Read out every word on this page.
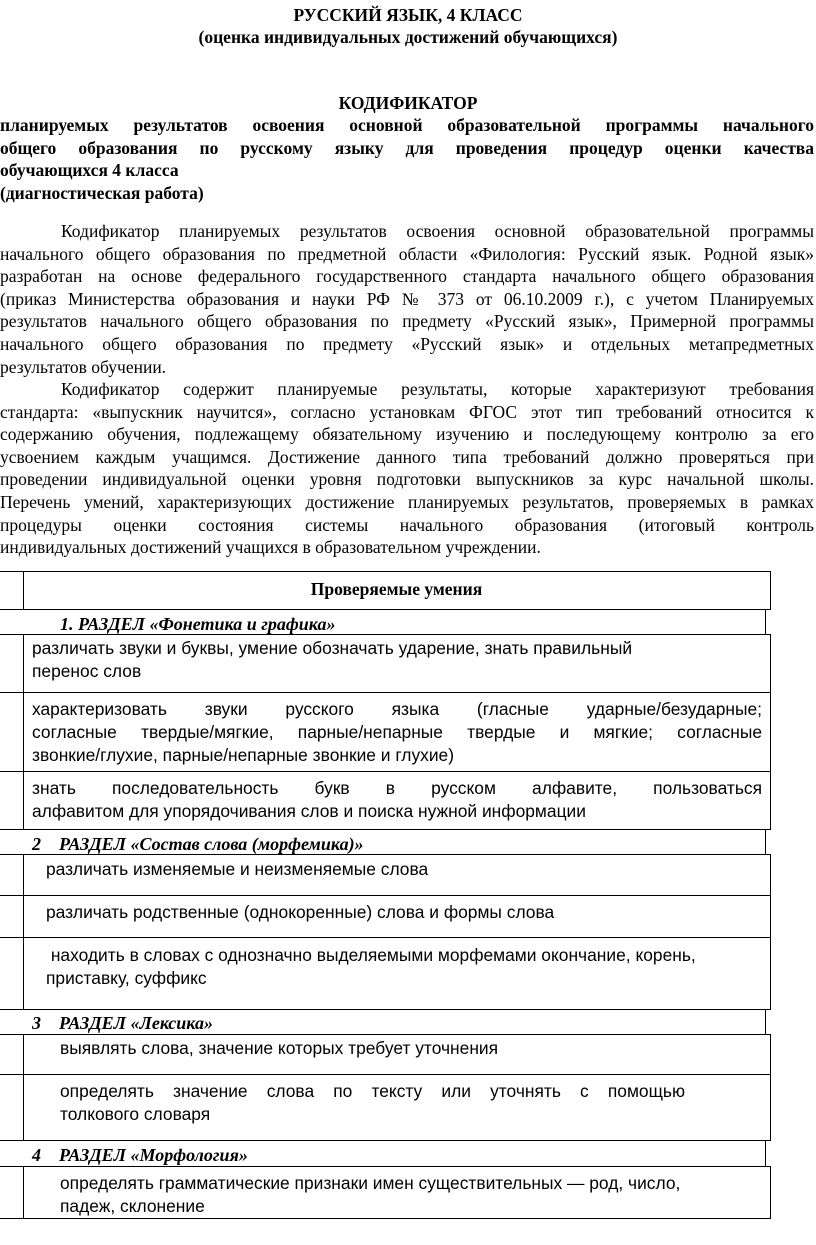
РУССКИЙ ЯЗЫК, 4 КЛАСС
(оценка индивидуальных достижений обучающихся)
КОДИФИКАТОР
планируемых результатов освоения основной образовательной программы начального
общего образования по русскому языку для проведения процедур оценки качества
обучающихся 4 класса
(диагностическая работа)
Кодификатор планируемых результатов освоения основной образовательной программы
начального общего образования по предметной области «Филология: Русский язык. Родной язык»
разработан на основе федерального государственного стандарта начального общего образования
(приказ Министерства образования и науки РФ № 373 от 06.10.2009 г.), с учетом Планируемых
результатов начального общего образования по предмету «Русский язык», Примерной программы
начального общего образования по предмету «Русский язык» и отдельных метапредметных
результатов обучении.
Кодификатор содержит планируемые результаты, которые характеризуют требования
стандарта: «выпускник научится», согласно установкам ФГОС этот тип требований относится к
содержанию обучения, подлежащему обязательному изучению и последующему контролю за его
усвоением каждым учащимся. Достижение данного типа требований должно проверяться при
проведении индивидуальной оценки уровня подготовки выпускников за курс начальной школы.
Перечень умений, характеризующих достижение планируемых результатов, проверяемых в рамках
процедуры оценки состояния системы начального образования (итоговый контроль
индивидуальных достижений учащихся в образовательном учреждении.
Проверяемые умения
1. РАЗДЕЛ «Фонетика и графика»
различать звуки и буквы, умение обозначать ударение, знать правильный
перенос слов
характеризовать звуки русского языка (гласные ударные/безударные;
согласные твердые/мягкие, парные/непарные твердые и мягкие; согласные
звонкие/глухие, парные/непарные звонкие и глухие)
знать последовательность букв в русском алфавите, пользоваться
алфавитом для упорядочивания слов и поиска нужной информации
2    РАЗДЕЛ «Состав слова (морфемика)»
различать изменяемые и неизменяемые слова
различать родственные (однокоренные) слова и формы слова
находить в словах с однозначно выделяемыми морфемами окончание, корень,
приставку, суффикс
3    РАЗДЕЛ «Лексика»
выявлять слова, значение которых требует уточнения
определять значение слова по тексту или уточнять с помощью
толкового словаря
4    РАЗДЕЛ «Морфология»
определять грамматические признаки имен существительных — род, число,
падеж, склонение
